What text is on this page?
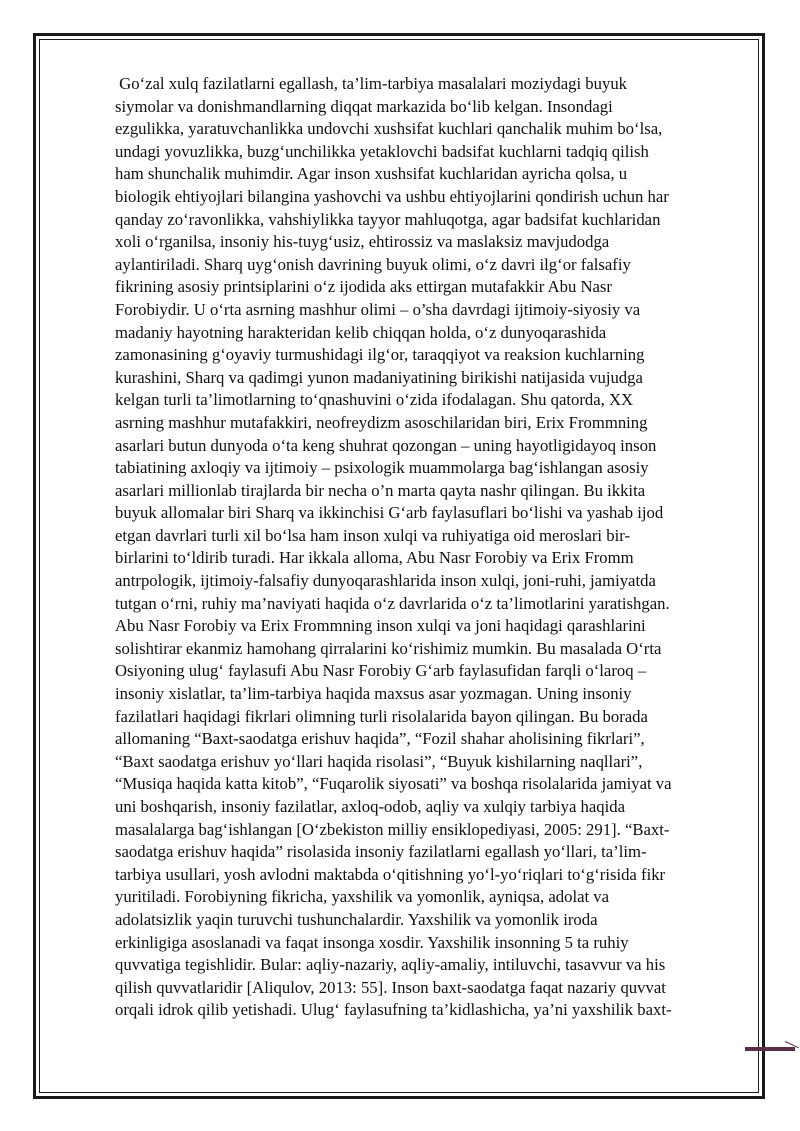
Go‘zal xulq fazilatlarni egallash, ta’lim-tarbiya masalalari moziydagi buyuk
siymolar va donishmandlarning diqqat markazida bo‘lib kelgan. Insondagi
ezgulikka, yaratuvchanlikka undovchi xushsifat kuchlari qanchalik muhim bo‘lsa,
undagi yovuzlikka, buzg‘unchilikka yetaklovchi badsifat kuchlarni tadqiq qilish
ham shunchalik muhimdir. Agar inson xushsifat kuchlaridan ayricha qolsa, u
biologik ehtiyojlari bilangina yashovchi va ushbu ehtiyojlarini qondirish uchun har
qanday zo‘ravonlikka, vahshiylikka tayyor mahluqotga, agar badsifat kuchlaridan
xoli o‘rganilsa, insoniy his-tuyg‘usiz, ehtirossiz va maslaksiz mavjudodga
aylantiriladi. Sharq uyg‘onish davrining buyuk olimi, o‘z davri ilg‘or falsafiy
fikrining asosiy printsiplarini o‘z ijodida aks ettirgan mutafakkir Abu Nasr
Forobiydir. U o‘rta asrning mashhur olimi – o’sha davrdagi ijtimoiy-siyosiy va
madaniy hayotning harakteridan kelib chiqqan holda, o‘z dunyoqarashida
zamonasining g‘oyaviy turmushidagi ilg‘or, taraqqiyot va reaksion kuchlarning
kurashini, Sharq va qadimgi yunon madaniyatining birikishi natijasida vujudga
kelgan turli ta’limotlarning to‘qnashuvini o‘zida ifodalagan. Shu qatorda, XX
asrning mashhur mutafakkiri, neofreydizm asoschilaridan biri, Erix Frommning
asarlari butun dunyoda o‘ta keng shuhrat qozongan – uning hayotligidayoq inson
tabiatining axloqiy va ijtimoiy – psixologik muammolarga bag‘ishlangan asosiy
asarlari millionlab tirajlarda bir necha o’n marta qayta nashr qilingan. Bu ikkita
buyuk allomalar biri Sharq va ikkinchisi G‘arb faylasuflari bo‘lishi va yashab ijod
etgan davrlari turli xil bo‘lsa ham inson xulqi va ruhiyatiga oid meroslari bir-
birlarini to‘ldirib turadi. Har ikkala alloma, Abu Nasr Forobiy va Erix Fromm
antrpologik, ijtimoiy-falsafiy dunyoqarashlarida inson xulqi, joni-ruhi, jamiyatda
tutgan o‘rni, ruhiy ma’naviyati haqida o‘z davrlarida o‘z ta’limotlarini yaratishgan.
Abu Nasr Forobiy va Erix Frommning inson xulqi va joni haqidagi qarashlarini
solishtirar ekanmiz hamohang qirralarini ko‘rishimiz mumkin. Bu masalada O‘rta
Osiyoning ulug‘ faylasufi Abu Nasr Forobiy G‘arb faylasufidan farqli o‘laroq –
insoniy xislatlar, ta’lim-tarbiya haqida maxsus asar yozmagan. Uning insoniy
fazilatlari haqidagi fikrlari olimning turli risolalarida bayon qilingan. Bu borada
allomaning “Baxt-saodatga erishuv haqida”, “Fozil shahar aholisining fikrlari”,
“Baxt saodatga erishuv yo‘llari haqida risolasi”, “Buyuk kishilarning naqllari”,
“Musiqa haqida katta kitob”, “Fuqarolik siyosati” va boshqa risolalarida jamiyat va
uni boshqarish, insoniy fazilatlar, axloq-odob, aqliy va xulqiy tarbiya haqida
masalalarga bag‘ishlangan [O‘zbekiston milliy ensiklopediyasi, 2005: 291]. “Baxt-
saodatga erishuv haqida” risolasida insoniy fazilatlarni egallash yo‘llari, ta’lim-
tarbiya usullari, yosh avlodni maktabda o‘qitishning yo‘l-yo‘riqlari to‘g‘risida fikr
yuritiladi. Forobiyning fikricha, yaxshilik va yomonlik, ayniqsa, adolat va
adolatsizlik yaqin turuvchi tushunchalardir. Yaxshilik va yomonlik iroda
erkinligiga asoslanadi va faqat insonga xosdir. Yaxshilik insonning 5 ta ruhiy
quvvatiga tegishlidir. Bular: aqliy-nazariy, aqliy-amaliy, intiluvchi, tasavvur va his
qilish quvvatlaridir [Aliqulov, 2013: 55]. Inson baxt-saodatga faqat nazariy quvvat
orqali idrok qilib yetishadi. Ulug‘ faylasufning ta’kidlashicha, ya’ni yaxshilik baxt-
